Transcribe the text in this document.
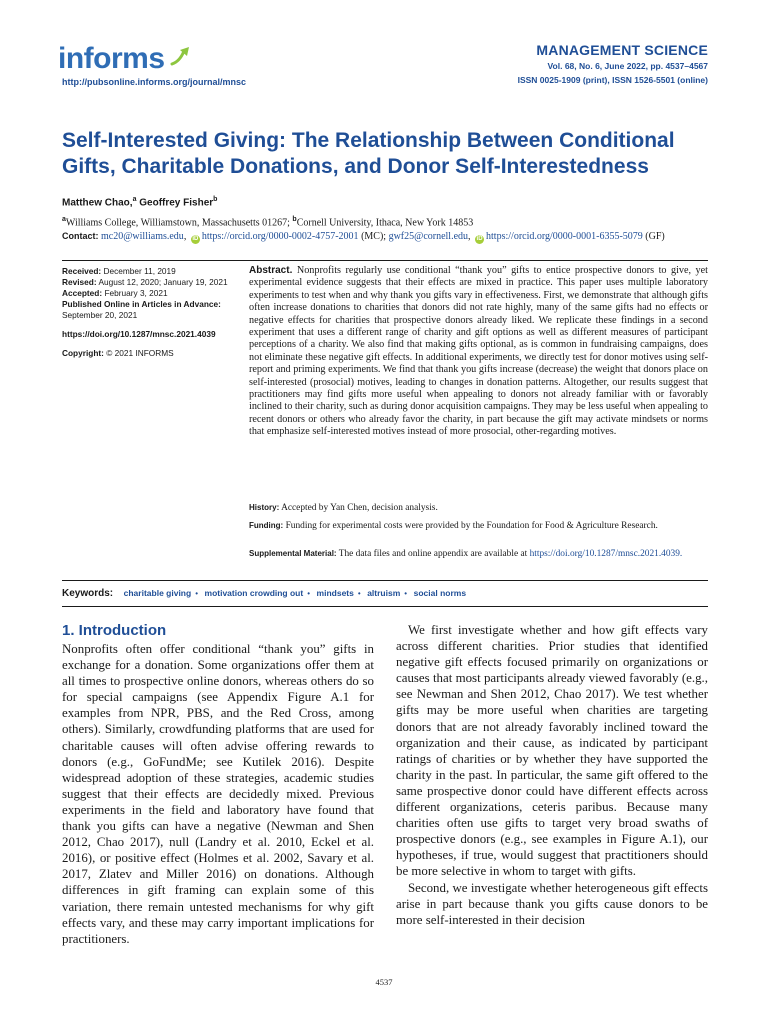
informs
http://pubsonline.informs.org/journal/mnsc
MANAGEMENT SCIENCE
Vol. 68, No. 6, June 2022, pp. 4537–4567
ISSN 0025-1909 (print), ISSN 1526-5501 (online)
Self-Interested Giving: The Relationship Between Conditional Gifts, Charitable Donations, and Donor Self-Interestedness
Matthew Chao,$^a$ Geoffrey Fisher$^b$
$^a$Williams College, Williamstown, Massachusetts 01267; $^b$Cornell University, Ithaca, New York 14853
Contact: mc20@williams.edu, iD https://orcid.org/0000-0002-4757-2001 (MC); gwf25@cornell.edu, iD https://orcid.org/0000-0001-6355-5079 (GF)
Received: December 11, 2019
Revised: August 12, 2020; January 19, 2021
Accepted: February 3, 2021
Published Online in Articles in Advance:
September 20, 2021
https://doi.org/10.1287/mnsc.2021.4039
Copyright: © 2021 INFORMS
Abstract. Nonprofits regularly use conditional “thank you” gifts to entice prospective donors to give, yet experimental evidence suggests that their effects are mixed in practice. This paper uses multiple laboratory experiments to test when and why thank you gifts vary in effectiveness. First, we demonstrate that although gifts often increase donations to charities that donors did not rate highly, many of the same gifts had no effects or negative effects for charities that prospective donors already liked. We replicate these findings in a second experiment that uses a different range of charity and gift options as well as different measures of participant perceptions of a charity. We also find that making gifts optional, as is common in fundraising campaigns, does not eliminate these negative gift effects. In additional experiments, we directly test for donor motives using self-report and priming experiments. We find that thank you gifts increase (decrease) the weight that donors place on self-interested (prosocial) motives, leading to changes in donation patterns. Altogether, our results suggest that practitioners may find gifts more useful when appealing to donors not already familiar with or favorably inclined to their charity, such as during donor acquisition campaigns. They may be less useful when appealing to recent donors or others who already favor the charity, in part because the gift may activate mindsets or norms that emphasize self-interested motives instead of more prosocial, other-regarding motives.
History: Accepted by Yan Chen, decision analysis.
Funding: Funding for experimental costs were provided by the Foundation for Food & Agriculture Research.
Supplemental Material: The data files and online appendix are available at https://doi.org/10.1287/mnsc.2021.4039.
Keywords: charitable giving • motivation crowding out • mindsets • altruism • social norms
1. Introduction

Nonprofits often offer conditional “thank you” gifts in exchange for a donation. Some organizations offer them at all times to prospective online donors, whereas others do so for special campaigns (see Appendix Figure A.1 for examples from NPR, PBS, and the Red Cross, among others). Similarly, crowdfunding platforms that are used for charitable causes will often advise offering rewards to donors (e.g., GoFundMe; see Kutilek 2016). Despite widespread adoption of these strategies, academic studies suggest that their effects are decidedly mixed. Previous experiments in the field and laboratory have found that thank you gifts can have a negative (Newman and Shen 2012, Chao 2017), null (Landry et al. 2010, Eckel et al. 2016), or positive effect (Holmes et al. 2002, Savary et al. 2017, Zlatev and Miller 2016) on donations. Although differences in gift framing can explain some of this variation, there remain untested mechanisms for why gift effects vary, and these may carry important implications for practitioners.

We first investigate whether and how gift effects vary across different charities. Prior studies that identified negative gift effects focused primarily on organizations or causes that most participants already viewed favorably (e.g., see Newman and Shen 2012, Chao 2017). We test whether gifts may be more useful when charities are targeting donors that are not already favorably inclined toward the organization and their cause, as indicated by participant ratings of charities or by whether they have supported the charity in the past. In particular, the same gift offered to the same prospective donor could have different effects across different organizations, ceteris paribus. Because many charities often use gifts to target very broad swaths of prospective donors (e.g., see examples in Figure A.1), our hypotheses, if true, would suggest that practitioners should be more selective in whom to target with gifts.

Second, we investigate whether heterogeneous gift effects arise in part because thank you gifts cause donors to be more self-interested in their decision

4537
